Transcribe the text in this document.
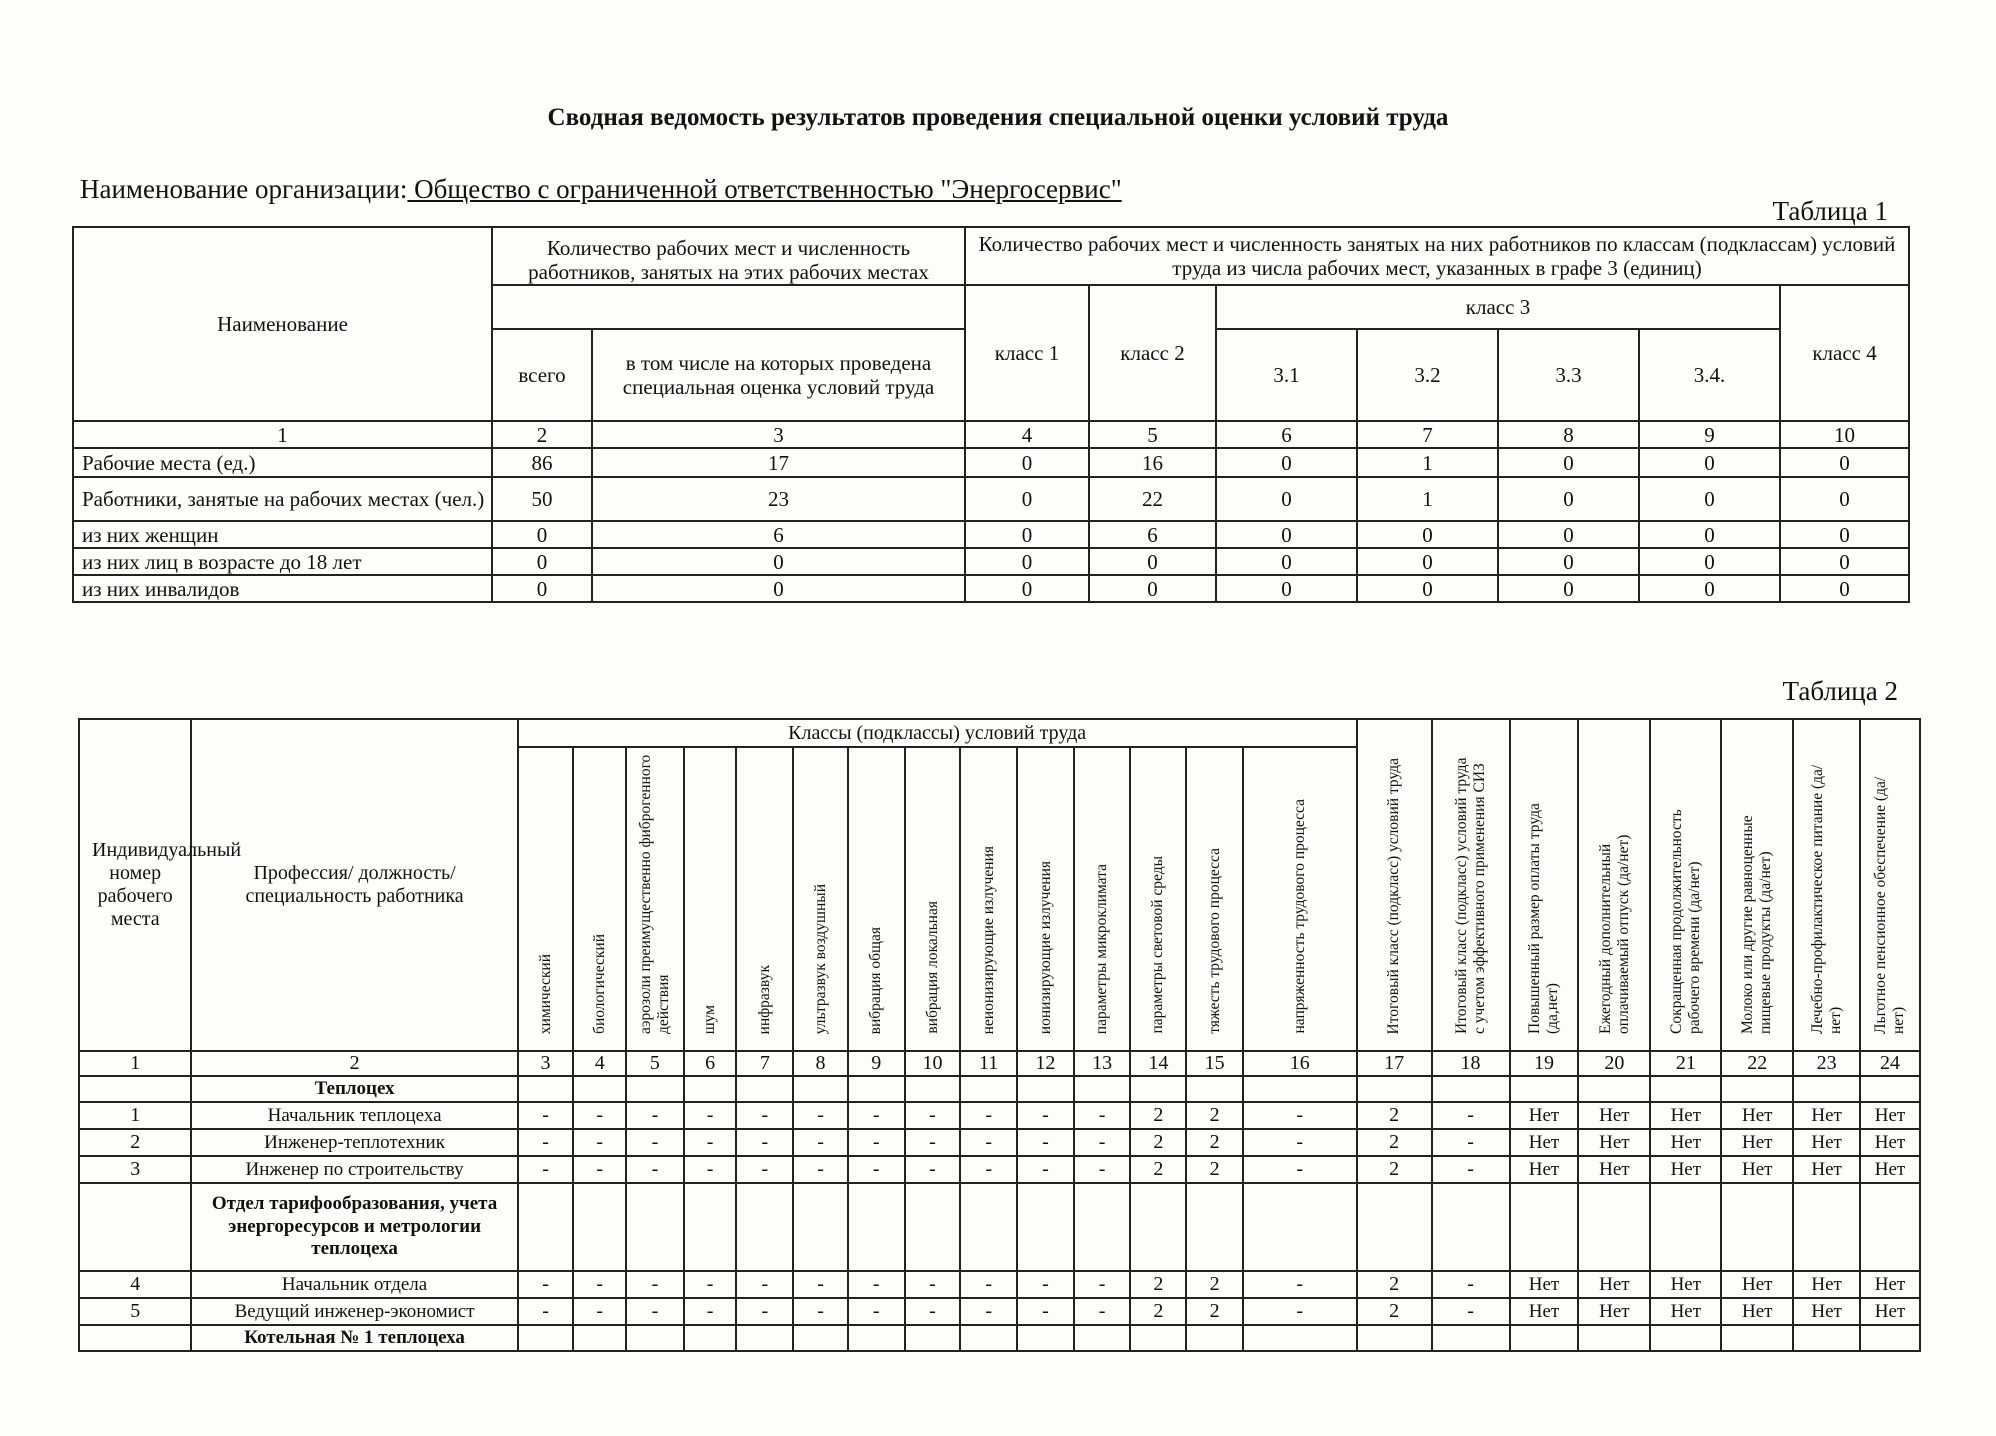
Сводная ведомость результатов проведения специальной оценки условий труда
Наименование организации: Общество с ограниченной ответственностью "Энергосервис"
Таблица 1
Наименование	Количество рабочих мест и численность работников, занятых на этих рабочих местах		Количество рабочих мест и численность занятых на них работников по классам (подклассам) условий труда из числа рабочих мест, указанных в графе 3 (единиц)						
			класс 1	класс 2	класс 3				класс 4
	всего	в том числе на которых проведена специальная оценка условий труда			3.1	3.2	3.3	3.4.	
1	2	3	4	5	6	7	8	9	10
Рабочие места (ед.)	86	17	0	16	0	1	0	0	0
Работники, занятые на рабочих местах (чел.)	50	23	0	22	0	1	0	0	0
из них женщин	0	6	0	6	0	0	0	0	0
из них лиц в возрасте до 18 лет	0	0	0	0	0	0	0	0	0
из них инвалидов	0	0	0	0	0	0	0	0	0
Таблица 2
Индивидуальный номер рабочего места	Профессия/ должность/ специальность работника	Классы (подклассы) условий труда														Итоговый класс (подкласс) условий труда	Итоговый класс (подкласс) условий труда с учетом эффективного применения СИЗ	Повышенный размер оплаты труда (да,нет)	Ежегодный дополнительный оплачиваемый отпуск (да/нет)	Сокращенная продолжительность рабочего времени (да/нет)	Молоко или другие равноценные пищевые продукты (да/нет)	Лечебно-профилактическое питание (да/нет)	Льготное пенсионное обеспечение (да/нет)
		химический	биологический	аэрозоли преимущественно фиброгенного действия	шум	инфразвук	ультразвук воздушный	вибрация общая	вибрация локальная	неионизирующие излучения	ионизирующие излучения	параметры микроклимата	параметры световой среды	тяжесть трудового процесса	напряженность трудового процесса								
1	2	3	4	5	6	7	8	9	10	11	12	13	14	15	16	17	18	19	20	21	22	23	24
	Теплоцех																						
1	Начальник теплоцеха	-	-	-	-	-	-	-	-	-	-	-	2	2	-	2	-	Нет	Нет	Нет	Нет	Нет	Нет
2	Инженер-теплотехник	-	-	-	-	-	-	-	-	-	-	-	2	2	-	2	-	Нет	Нет	Нет	Нет	Нет	Нет
3	Инженер по строительству	-	-	-	-	-	-	-	-	-	-	-	2	2	-	2	-	Нет	Нет	Нет	Нет	Нет	Нет
	Отдел тарифообразования, учета энергоресурсов и метрологии теплоцеха																						
4	Начальник отдела	-	-	-	-	-	-	-	-	-	-	-	2	2	-	2	-	Нет	Нет	Нет	Нет	Нет	Нет
5	Ведущий инженер-экономист	-	-	-	-	-	-	-	-	-	-	-	2	2	-	2	-	Нет	Нет	Нет	Нет	Нет	Нет
	Котельная № 1 теплоцеха																						
